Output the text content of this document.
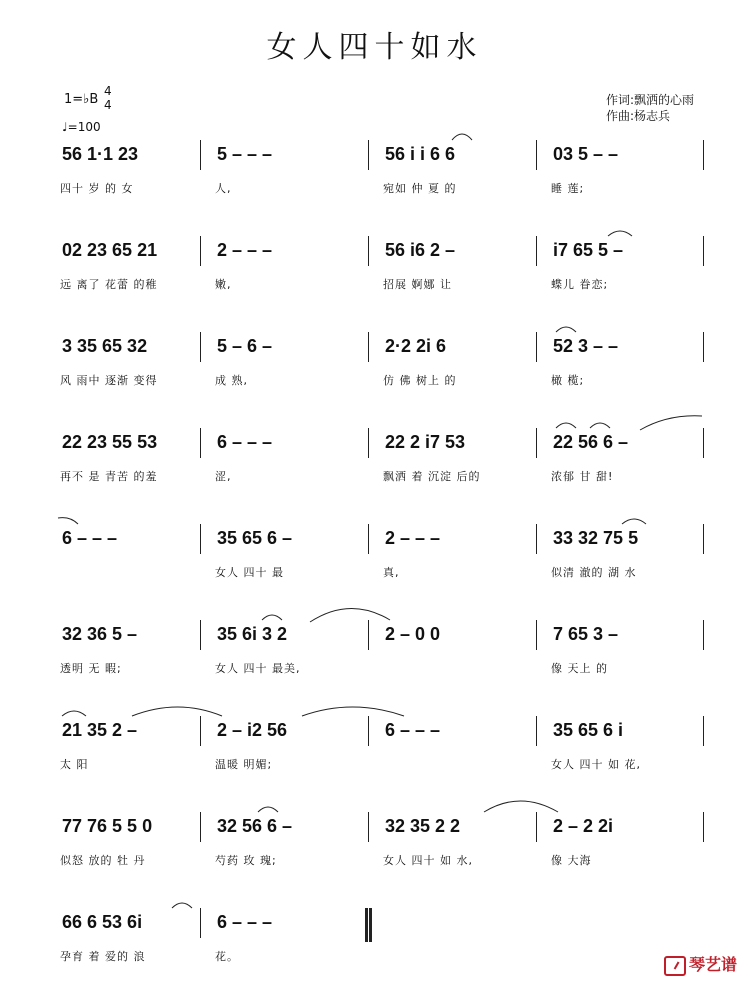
女人四十如水
1=♭B
4
4
♩=100
作词:飘洒的心雨
作曲:杨志兵
56 1·1 23
四十 岁 的 女
5 – – –
人,
56 i i 6 6
宛如 仲 夏 的
03 5 – –
睡 莲;
02 23 65 21
远 离了 花蕾 的稚
2 – – –
嫩,
56 i6 2 –
招展 婀娜 让
i7 65 5 –
蝶儿 眷恋;
3 35 65 32
风 雨中 逐渐 变得
5 – 6 –
成 熟,
2·2 2i 6
仿 佛 树上 的
52 3 – –
橄 榄;
22 23 55 53
再不 是 青苦 的羞
6 – – –
涩,
22 2 i7 53
飘洒 着 沉淀 后的
22 56 6 –
浓郁 甘 甜!
6 – – –	35 65 6 –
女人 四十 最
2 – – –
真,
33 32 75 5
似清 澈的 湖 水
32 36 5 –
透明 无 暇;
35 6i 3 2
女人 四十 最美,
2 – 0 0	7 65 3 –
像 天上 的
21 35 2 –
太 阳
2 – i2 56
温暖 明媚;
6 – – –	35 65 6 i
女人 四十 如 花,
77 76 5 5 0
似怒 放的 牡 丹
32 56 6 –
芍药 玫 瑰;
32 35 2 2
女人 四十 如 水,
2 – 2 2i
像 大海
66 6 53 6i
孕育 着 爱的 浪
6 – – –
花。	琴艺谱
